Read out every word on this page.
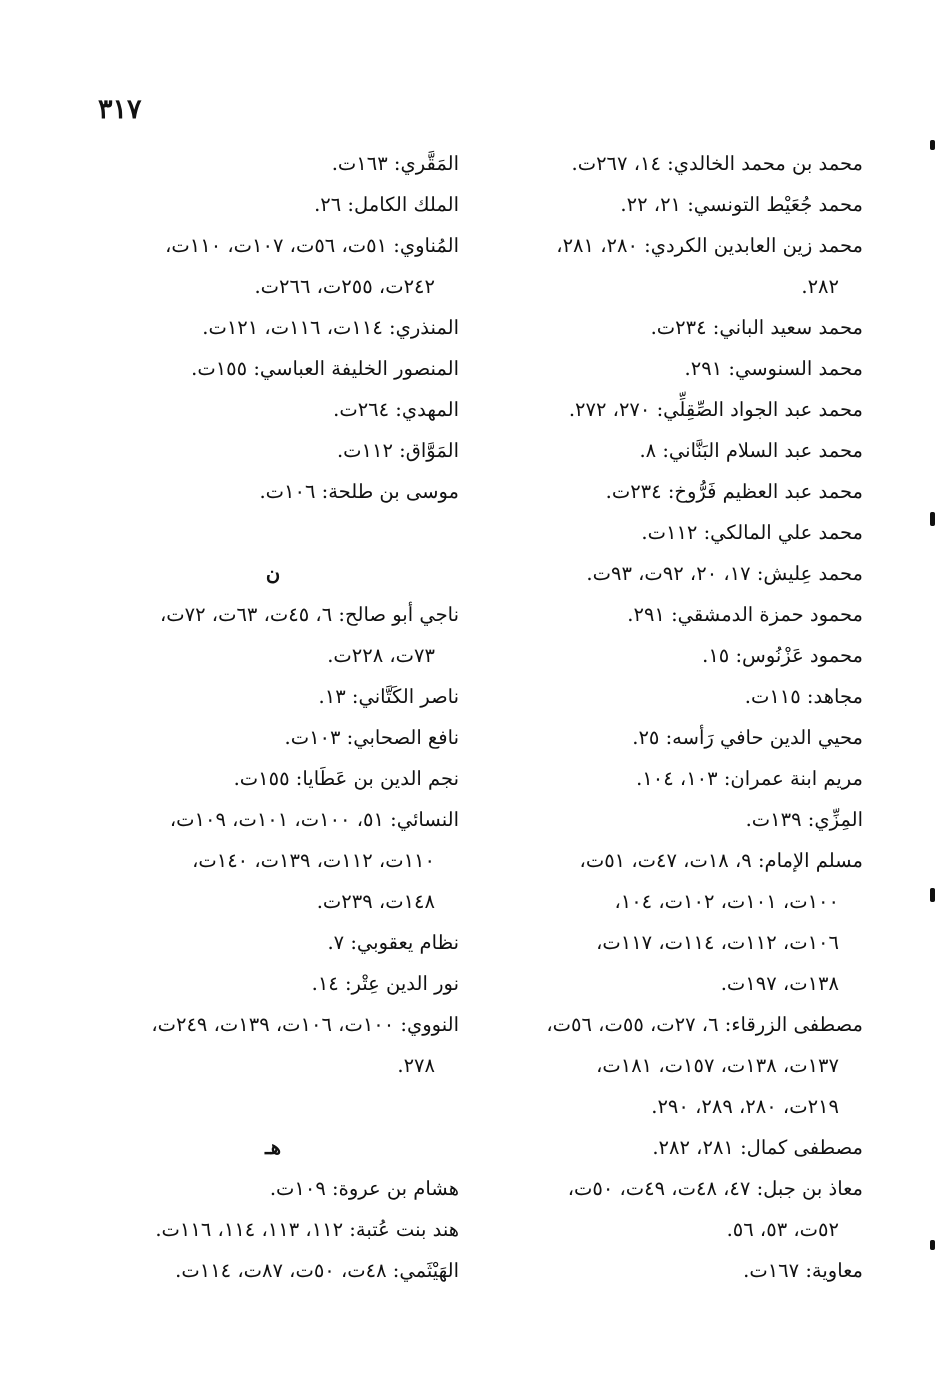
٣١٧
محمد بن محمد الخالدي: ١٤، ٢٦٧ت.
محمد جُعَيْط التونسي: ٢١، ٢٢.
محمد زين العابدين الكردي: ٢٨٠، ٢٨١،
٢٨٢.
محمد سعيد الباني: ٢٣٤ت.
محمد السنوسي: ٢٩١.
محمد عبد الجواد الصِّقِلِّي: ٢٧٠، ٢٧٢.
محمد عبد السلام البَنَّاني: ٨.
محمد عبد العظيم فَرُّوخ: ٢٣٤ت.
محمد علي المالكي: ١١٢ت.
محمد عِليش: ١٧، ٢٠، ٩٢ت، ٩٣ت.
محمود حمزة الدمشقي: ٢٩١.
محمود عَزْنُوس: ١٥.
مجاهد: ١١٥ت.
محيي الدين حافي رَأسه: ٢٥.
مريم ابنة عمران: ١٠٣، ١٠٤.
المِزِّي: ١٣٩ت.
مسلم الإمام: ٩، ١٨ت، ٤٧ت، ٥١ت،
١٠٠ت، ١٠١ت، ١٠٢ت، ١٠٤،
١٠٦ت، ١١٢ت، ١١٤ت، ١١٧ت،
١٣٨ت، ١٩٧ت.
مصطفى الزرقاء: ٦، ٢٧ت، ٥٥ت، ٥٦ت،
١٣٧ت، ١٣٨ت، ١٥٧ت، ١٨١ت،
٢١٩ت، ٢٨٠، ٢٨٩، ٢٩٠.
مصطفى كمال: ٢٨١، ٢٨٢.
معاذ بن جبل: ٤٧، ٤٨ت، ٤٩ت، ٥٠ت،
٥٢ت، ٥٣، ٥٦.
معاوية: ١٦٧ت.
المَقَّري: ١٦٣ت.
الملك الكامل: ٢٦.
المُناوي: ٥١ت، ٥٦ت، ١٠٧ت، ١١٠ت،
٢٤٢ت، ٢٥٥ت، ٢٦٦ت.
المنذري: ١١٤ت، ١١٦ت، ١٢١ت.
المنصور الخليفة العباسي: ١٥٥ت.
المهدي: ٢٦٤ت.
المَوَّاق: ١١٢ت.
موسى بن طلحة: ١٠٦ت.
ن
ناجي أبو صالح: ٦، ٤٥ت، ٦٣ت، ٧٢ت،
٧٣ت، ٢٢٨ت.
ناصر الكَتَّاني: ١٣.
نافع الصحابي: ١٠٣ت.
نجم الدين بن عَطَايا: ١٥٥ت.
النسائي: ٥١، ١٠٠ت، ١٠١ت، ١٠٩ت،
١١٠ت، ١١٢ت، ١٣٩ت، ١٤٠ت،
١٤٨ت، ٢٣٩ت.
نظام يعقوبي: ٧.
نور الدين عِتْر: ١٤.
النووي: ١٠٠ت، ١٠٦ت، ١٣٩ت، ٢٤٩ت،
٢٧٨.
هـ
هشام بن عروة: ١٠٩ت.
هند بنت عُتبة: ١١٢، ١١٣، ١١٤، ١١٦ت.
الهَيْثَمي: ٤٨ت، ٥٠ت، ٨٧ت، ١١٤ت.
